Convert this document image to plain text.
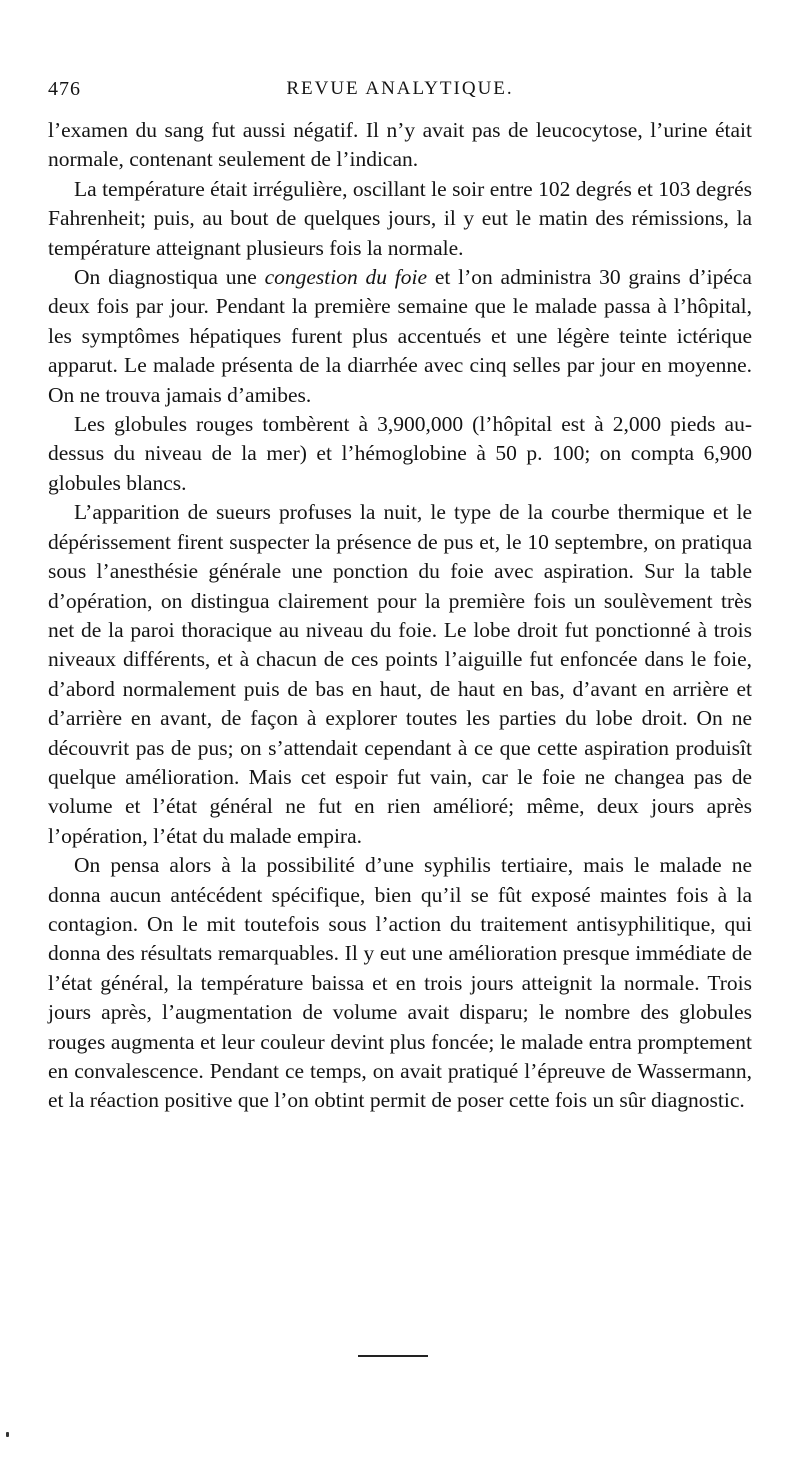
476	REVUE ANALYTIQUE.

l’examen du sang fut aussi négatif. Il n’y avait pas de leucocytose, l’urine était normale, contenant seulement de l’indican.

La température était irrégulière, oscillant le soir entre 102 degrés et 103 degrés Fahrenheit; puis, au bout de quelques jours, il y eut le matin des rémissions, la température atteignant plusieurs fois la normale.

On diagnostiqua une congestion du foie et l’on administra 30 grains d’ipéca deux fois par jour. Pendant la première semaine que le malade passa à l’hôpital, les symptômes hépatiques furent plus accentués et une légère teinte ictérique apparut. Le malade présenta de la diarrhée avec cinq selles par jour en moyenne. On ne trouva jamais d’amibes.

Les globules rouges tombèrent à 3,900,000 (l’hôpital est à 2,000 pieds au-dessus du niveau de la mer) et l’hémoglobine à 50 p. 100; on compta 6,900 globules blancs.

L’apparition de sueurs profuses la nuit, le type de la courbe thermique et le dépérissement firent suspecter la présence de pus et, le 10 septembre, on pratiqua sous l’anesthésie générale une ponction du foie avec aspiration. Sur la table d’opération, on distingua clairement pour la première fois un soulèvement très net de la paroi thoracique au niveau du foie. Le lobe droit fut ponctionné à trois niveaux différents, et à chacun de ces points l’aiguille fut enfoncée dans le foie, d’abord normalement puis de bas en haut, de haut en bas, d’avant en arrière et d’arrière en avant, de façon à explorer toutes les parties du lobe droit. On ne découvrit pas de pus; on s’attendait cependant à ce que cette aspiration produisît quelque amélioration. Mais cet espoir fut vain, car le foie ne changea pas de volume et l’état général ne fut en rien amélioré; même, deux jours après l’opération, l’état du malade empira.

On pensa alors à la possibilité d’une syphilis tertiaire, mais le malade ne donna aucun antécédent spécifique, bien qu’il se fût exposé maintes fois à la contagion. On le mit toutefois sous l’action du traitement antisyphilitique, qui donna des résultats remarquables. Il y eut une amélioration presque immédiate de l’état général, la température baissa et en trois jours atteignit la normale. Trois jours après, l’augmentation de volume avait disparu; le nombre des globules rouges augmenta et leur couleur devint plus foncée; le malade entra promptement en convalescence. Pendant ce temps, on avait pratiqué l’épreuve de Wassermann, et la réaction positive que l’on obtint permit de poser cette fois un sûr diagnostic.
